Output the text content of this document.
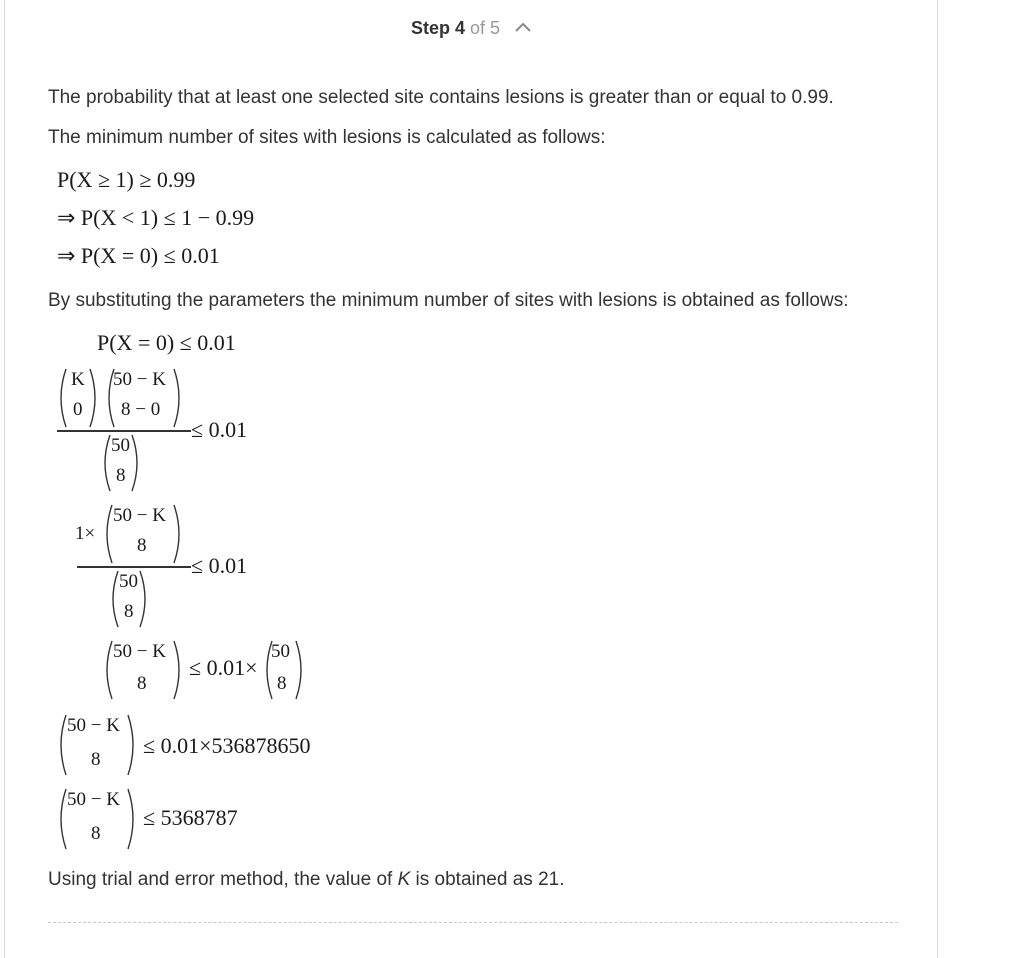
Step 4 of 5
The probability that at least one selected site contains lesions is greater than or equal to 0.99.
The minimum number of sites with lesions is calculated as follows:
P(X ≥ 1) ≥ 0.99
⇒ P(X < 1) ≤ 1 − 0.99
⇒ P(X = 0) ≤ 0.01
By substituting the parameters the minimum number of sites with lesions is obtained as follows:
P(X = 0) ≤ 0.01
K
0
50 − K
8 − 0
50
8
≤ 0.01
1×
50 − K
8
50
8
≤ 0.01
50 − K
8
≤ 0.01×
50
8
50 − K
8
≤ 0.01×536878650
50 − K
8
≤ 5368787
Using trial and error method, the value of K is obtained as 21.
